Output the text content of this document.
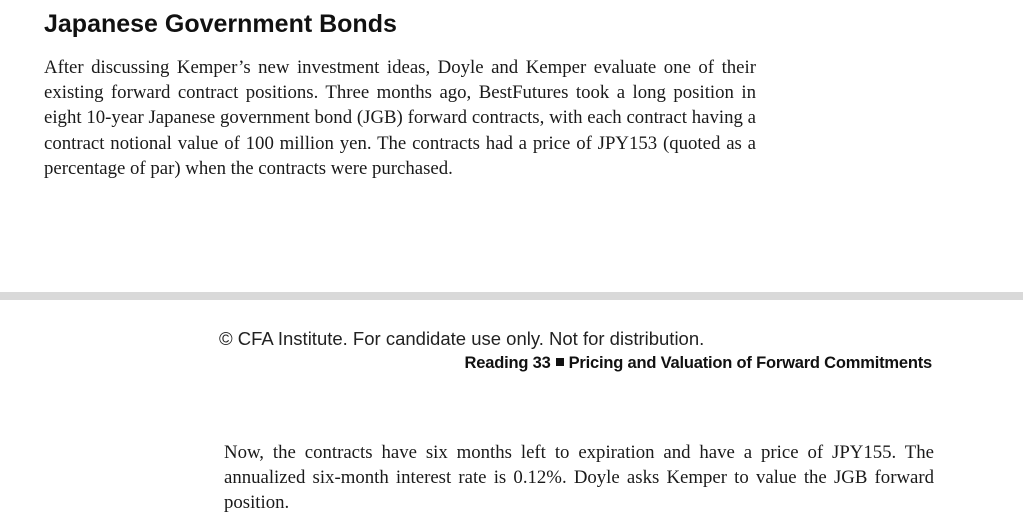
Japanese Government Bonds

After discussing Kemper’s new investment ideas, Doyle and Kemper evaluate one of their existing forward contract positions. Three months ago, BestFutures took a long position in eight 10-year Japanese government bond (JGB) forward contracts, with each contract having a contract notional value of 100 million yen. The contracts had a price of JPY153 (quoted as a percentage of par) when the contracts were purchased.

© CFA Institute. For candidate use only. Not for distribution.

Reading 33 Pricing and Valuation of Forward Commitments

Now, the contracts have six months left to expiration and have a price of JPY155. The annualized six-month interest rate is 0.12%. Doyle asks Kemper to value the JGB forward position.
